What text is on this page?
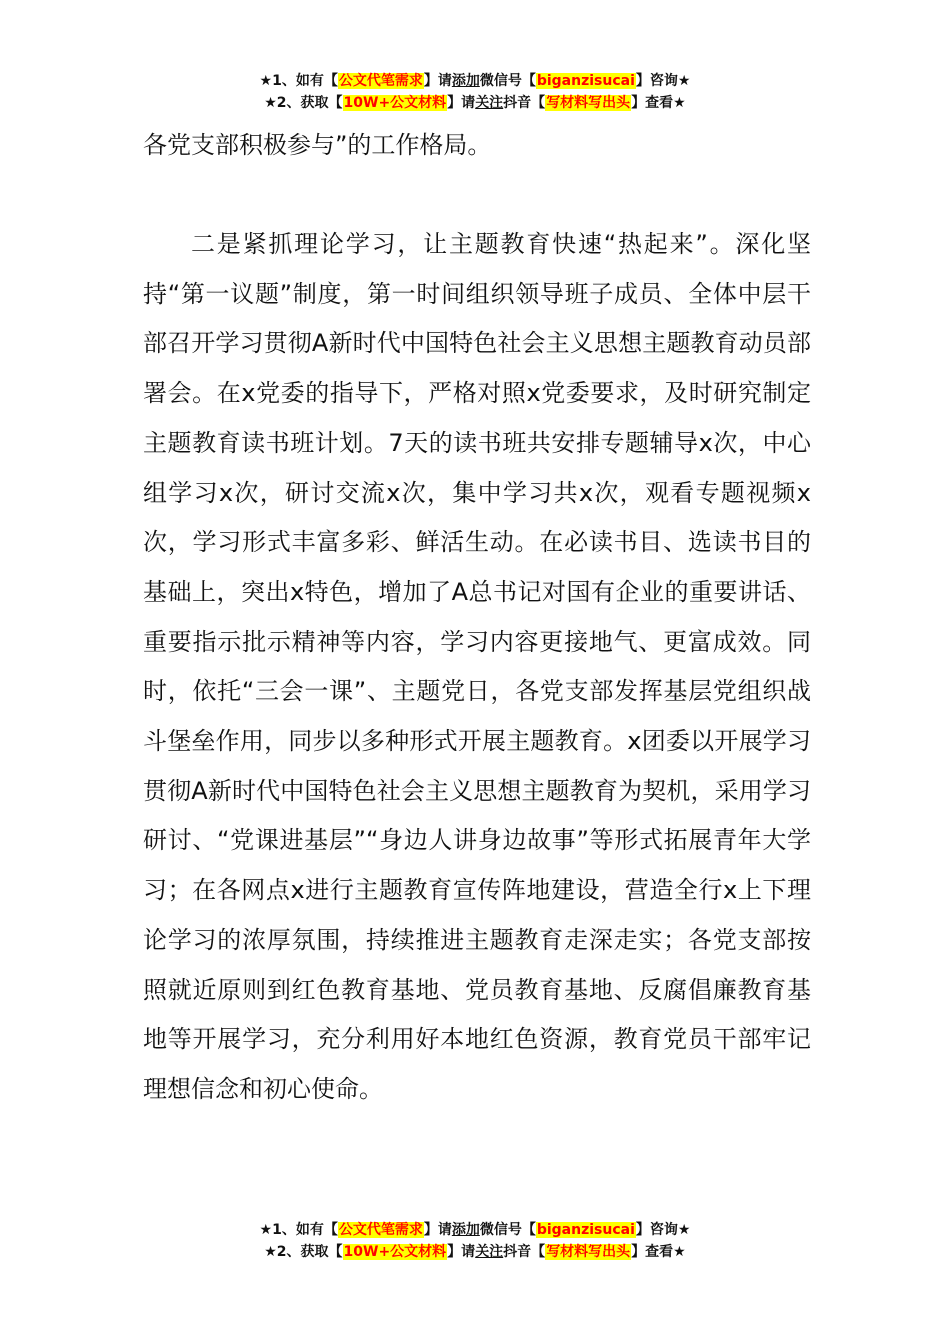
★1、如有【公文代笔需求】请添加微信号【biganzisucai】咨询★
★2、获取【10W+公文材料】请关注抖音【写材料写出头】查看★

各党支部积极参与”的工作格局。

二是紧抓理论学习，让主题教育快速“热起来”。深化坚持“第一议题”制度，第一时间组织领导班子成员、全体中层干部召开学习贯彻A新时代中国特色社会主义思想主题教育动员部署会。在x党委的指导下，严格对照x党委要求，及时研究制定主题教育读书班计划。7天的读书班共安排专题辅导x次，中心组学习x次，研讨交流x次，集中学习共x次，观看专题视频x次，学习形式丰富多彩、鲜活生动。在必读书目、选读书目的基础上，突出x特色，增加了A总书记对国有企业的重要讲话、重要指示批示精神等内容，学习内容更接地气、更富成效。同时，依托“三会一课”、主题党日，各党支部发挥基层党组织战斗堡垒作用，同步以多种形式开展主题教育。x团委以开展学习贯彻A新时代中国特色社会主义思想主题教育为契机，采用学习研讨、“党课进基层”“身边人讲身边故事”等形式拓展青年大学习；在各网点x进行主题教育宣传阵地建设，营造全行x上下理论学习的浓厚氛围，持续推进主题教育走深走实；各党支部按照就近原则到红色教育基地、党员教育基地、反腐倡廉教育基地等开展学习，充分利用好本地红色资源，教育党员干部牢记理想信念和初心使命。

★1、如有【公文代笔需求】请添加微信号【biganzisucai】咨询★
★2、获取【10W+公文材料】请关注抖音【写材料写出头】查看★
